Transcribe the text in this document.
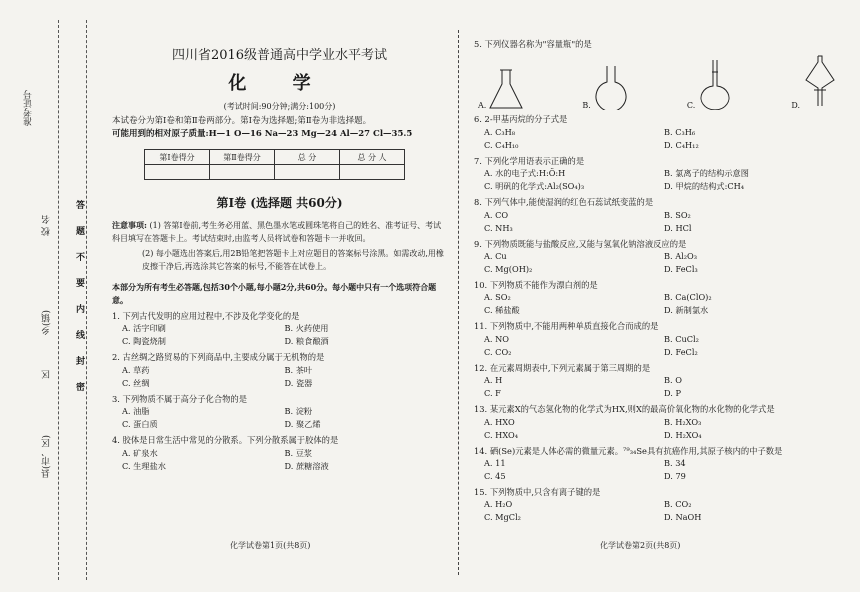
准考证号
校 名
乡(镇)
区
县(市、区)
答
题
不
要
内
线
封
密
四川省2016级普通高中学业水平考试
化 学
(考试时间:90分钟;满分:100分)
本试卷分为第Ⅰ卷和第Ⅱ卷两部分。第Ⅰ卷为选择题;第Ⅱ卷为非选择题。
可能用到的相对原子质量:H—1 O—16 Na—23 Mg—24 Al—27 Cl—35.5
第Ⅰ卷得分	第Ⅱ卷得分	总 分	总 分 人

第Ⅰ卷 (选择题 共60分)
注意事项: (1) 答第Ⅰ卷前,考生务必用蓝、黑色墨水笔或圆珠笔将自己的姓名、准考证号、考试科目填写在答题卡上。考试结束时,由监考人员将试卷和答题卡一并收回。
(2) 每小题选出答案后,用2B铅笔把答题卡上对应题目的答案标号涂黑。如需改动,用橡皮擦干净后,再选涂其它答案的标号,不能答在试卷上。
本部分为所有考生必答题,包括30个小题,每小题2分,共60分。每小题中只有一个选项符合题意。
1. 下列古代发明的应用过程中,不涉及化学变化的是
A. 活字印刷	B. 火药使用
C. 陶瓷烧制	D. 粮食酿酒
2. 古丝绸之路贸易的下列商品中,主要成分属于无机物的是
A. 草药	B. 茶叶
C. 丝绸	D. 瓷器
3. 下列物质不属于高分子化合物的是
A. 油脂	B. 淀粉
C. 蛋白质	D. 聚乙烯
4. 胶体是日常生活中常见的分散系。下列分散系属于胶体的是
A. 矿泉水	B. 豆浆
C. 生理盐水	D. 蔗糖溶液
化学试卷第1页(共8页)
5. 下列仪器名称为"容量瓶"的是
A.	B.	C.	D.
6. 2-甲基丙烷的分子式是
A. C₃H₈	B. C₃H₆
C. C₄H₁₀	D. C₄H₁₂
7. 下列化学用语表示正确的是
A. 水的电子式:H:Ö:H	B. 氯离子的结构示意图
C. 明矾的化学式:Al₂(SO₄)₃	D. 甲烷的结构式:CH₄
8. 下列气体中,能使湿润的红色石蕊试纸变蓝的是
A. CO	B. SO₂
C. NH₃	D. HCl
9. 下列物质既能与盐酸反应,又能与氢氧化钠溶液反应的是
A. Cu	B. Al₂O₃
C. Mg(OH)₂	D. FeCl₃
10. 下列物质不能作为漂白剂的是
A. SO₂	B. Ca(ClO)₂
C. 稀盐酸	D. 新制氯水
11. 下列物质中,不能用两种单质直接化合而成的是
A. NO	B. CuCl₂
C. CO₂	D. FeCl₂
12. 在元素周期表中,下列元素属于第三周期的是
A. H	B. O
C. F	D. P
13. 某元素X的气态氢化物的化学式为HX,则X的最高价氧化物的水化物的化学式是
A. HXO	B. H₂XO₃
C. HXO₄	D. H₂XO₄
14. 硒(Se)元素是人体必需的微量元素。⁷⁹₃₄Se具有抗癌作用,其原子核内的中子数是
A. 11	B. 34
C. 45	D. 79
15. 下列物质中,只含有离子键的是
A. H₂O	B. CO₂
C. MgCl₂	D. NaOH
化学试卷第2页(共8页)
